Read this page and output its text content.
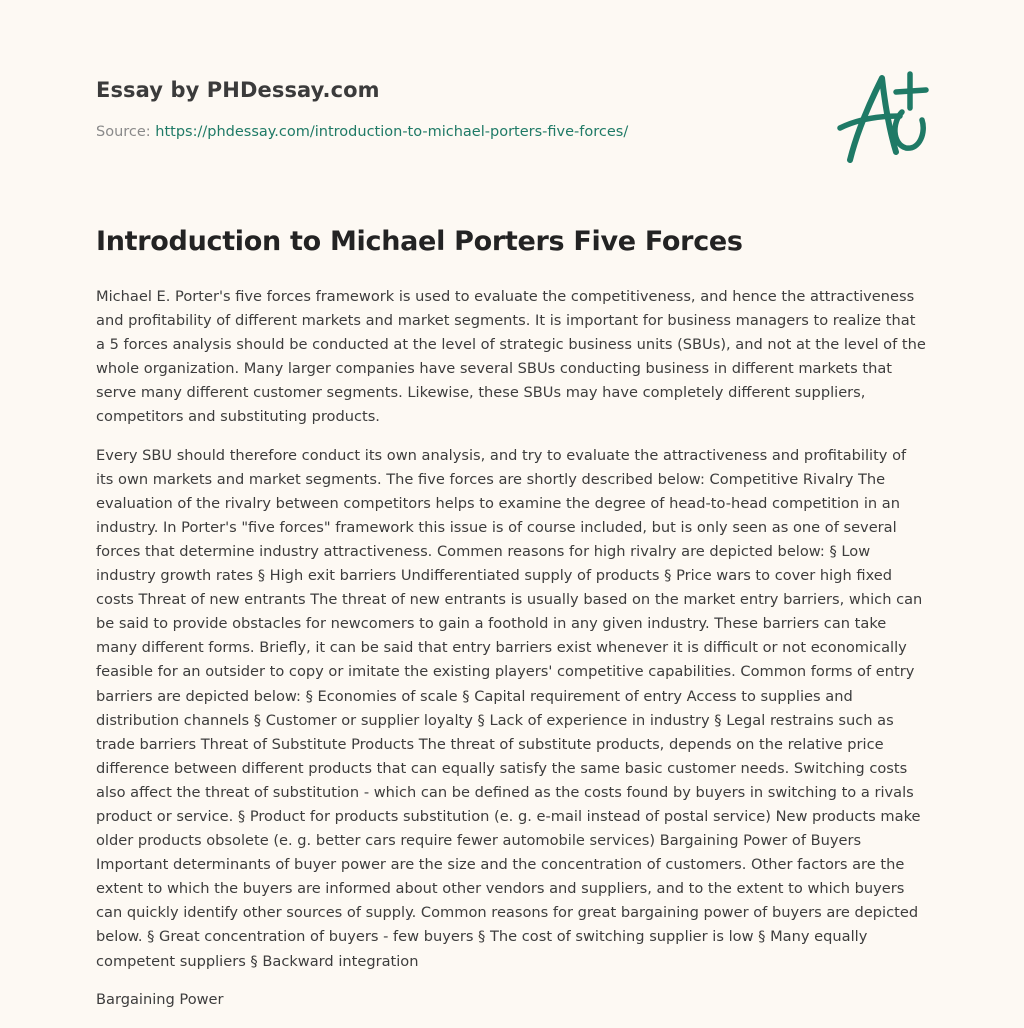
Essay by PHDessay.com
Source: https://phdessay.com/introduction-to-michael-porters-five-forces/
Introduction to Michael Porters Five Forces

Michael E. Porter's five forces framework is used to evaluate the competitiveness, and hence the attractiveness and profitability of different markets and market segments. It is important for business managers to realize that a 5 forces analysis should be conducted at the level of strategic business units (SBUs), and not at the level of the whole organization. Many larger companies have several SBUs conducting business in different markets that serve many different customer segments. Likewise, these SBUs may have completely different suppliers, competitors and substituting products.

Every SBU should therefore conduct its own analysis, and try to evaluate the attractiveness and profitability of its own markets and market segments. The five forces are shortly described below: Competitive Rivalry The evaluation of the rivalry between competitors helps to examine the degree of head-to-head competition in an industry. In Porter's "five forces" framework this issue is of course included, but is only seen as one of several forces that determine industry attractiveness. Commen reasons for high rivalry are depicted below: § Low industry growth rates § High exit barriers Undifferentiated supply of products § Price wars to cover high fixed costs Threat of new entrants The threat of new entrants is usually based on the market entry barriers, which can be said to provide obstacles for newcomers to gain a foothold in any given industry. These barriers can take many different forms. Briefly, it can be said that entry barriers exist whenever it is difficult or not economically feasible for an outsider to copy or imitate the existing players' competitive capabilities. Common forms of entry barriers are depicted below: § Economies of scale § Capital requirement of entry Access to supplies and distribution channels § Customer or supplier loyalty § Lack of experience in industry § Legal restrains such as trade barriers Threat of Substitute Products The threat of substitute products, depends on the relative price difference between different products that can equally satisfy the same basic customer needs. Switching costs also affect the threat of substitution - which can be defined as the costs found by buyers in switching to a rivals product or service. § Product for products substitution (e. g. e-mail instead of postal service) New products make older products obsolete (e. g. better cars require fewer automobile services) Bargaining Power of Buyers Important determinants of buyer power are the size and the concentration of customers. Other factors are the extent to which the buyers are informed about other vendors and suppliers, and to the extent to which buyers can quickly identify other sources of supply. Common reasons for great bargaining power of buyers are depicted below. § Great concentration of buyers - few buyers § The cost of switching supplier is low § Many equally competent suppliers § Backward integration

Bargaining Power
